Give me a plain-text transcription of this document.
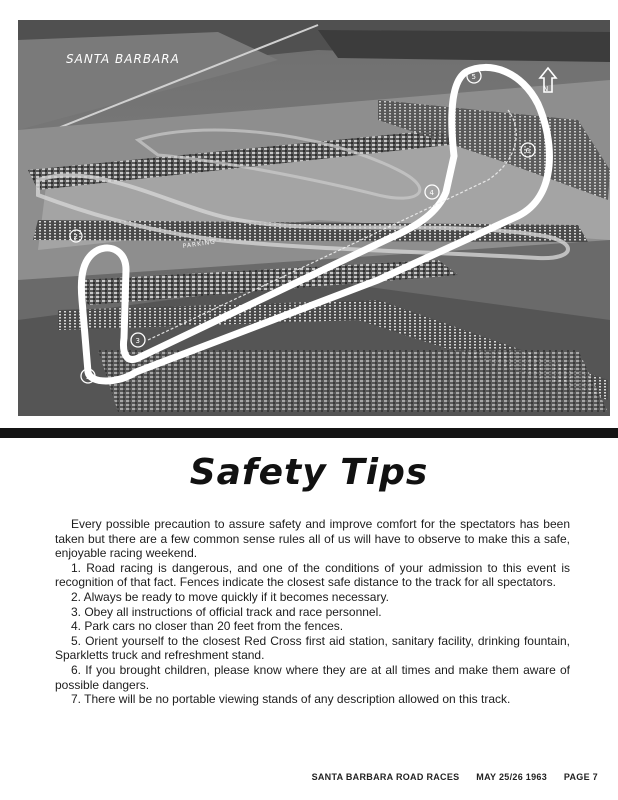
SANTA BARBARA
PARKING
N
1
2
3
4
5
6
Safety Tips

Every possible precaution to assure safety and improve comfort for the spectators has been taken but there are a few common sense rules all of us will have to observe to make this a safe, enjoyable racing weekend.

1. Road racing is dangerous, and one of the conditions of your admission to this event is recognition of that fact. Fences indicate the closest safe distance to the track for all spectators.

2. Always be ready to move quickly if it becomes necessary.

3. Obey all instructions of official track and race personnel.

4. Park cars no closer than 20 feet from the fences.

5. Orient yourself to the closest Red Cross first aid station, sanitary facility, drinking fountain, Sparkletts truck and refreshment stand.

6. If you brought children, please know where they are at all times and make them aware of possible dangers.

7. There will be no portable viewing stands of any description allowed on this track.

SANTA BARBARA ROAD RACES MAY 25/26 1963 PAGE 7
